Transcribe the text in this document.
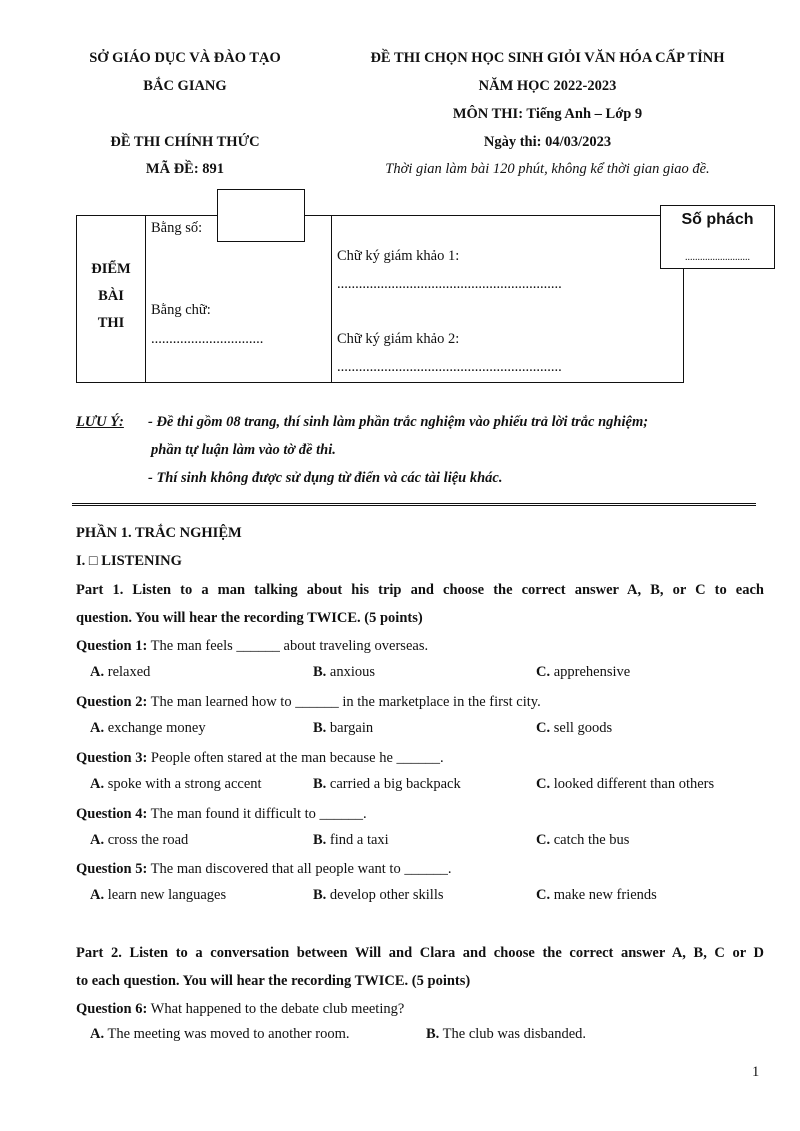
SỞ GIÁO DỤC VÀ ĐÀO TẠO
BẮC GIANG
ĐỀ THI CHÍNH THỨC
MÃ ĐỀ: 891
ĐỀ THI CHỌN HỌC SINH GIỎI VĂN HÓA CẤP TỈNH
NĂM HỌC 2022-2023
MÔN THI: Tiếng Anh – Lớp 9
Ngày thi: 04/03/2023
Thời gian làm bài 120 phút, không kể thời gian giao đề.
ĐIỂM
BÀI
THI
Bằng số:
Bằng chữ:
...............................
Chữ ký giám khảo 1:
..............................................................
Chữ ký giám khảo 2:
..............................................................
Số phách
..........................
LƯU Ý: - Đề thi gồm 08 trang, thí sinh làm phần trắc nghiệm vào phiếu trả lời trắc nghiệm;
phần tự luận làm vào tờ đề thi.
- Thí sinh không được sử dụng từ điển và các tài liệu khác.
PHẦN 1. TRẮC NGHIỆM
I. □ LISTENING
Part 1. Listen to a man talking about his trip and choose the correct answer A, B, or C to each
question. You will hear the recording TWICE. (5 points)
Question 1: The man feels ______ about traveling overseas.
A. relaxed	B. anxious	C. apprehensive
Question 2: The man learned how to ______ in the marketplace in the first city.
A. exchange money	B. bargain	C. sell goods
Question 3: People often stared at the man because he ______.
A. spoke with a strong accent	B. carried a big backpack	C. looked different than others
Question 4: The man found it difficult to ______.
A. cross the road	B. find a taxi	C. catch the bus
Question 5: The man discovered that all people want to ______.
A. learn new languages	B. develop other skills	C. make new friends
Part 2. Listen to a conversation between Will and Clara and choose the correct answer A, B, C or D
to each question. You will hear the recording TWICE. (5 points)
Question 6: What happened to the debate club meeting?
A. The meeting was moved to another room.	B. The club was disbanded.
1
